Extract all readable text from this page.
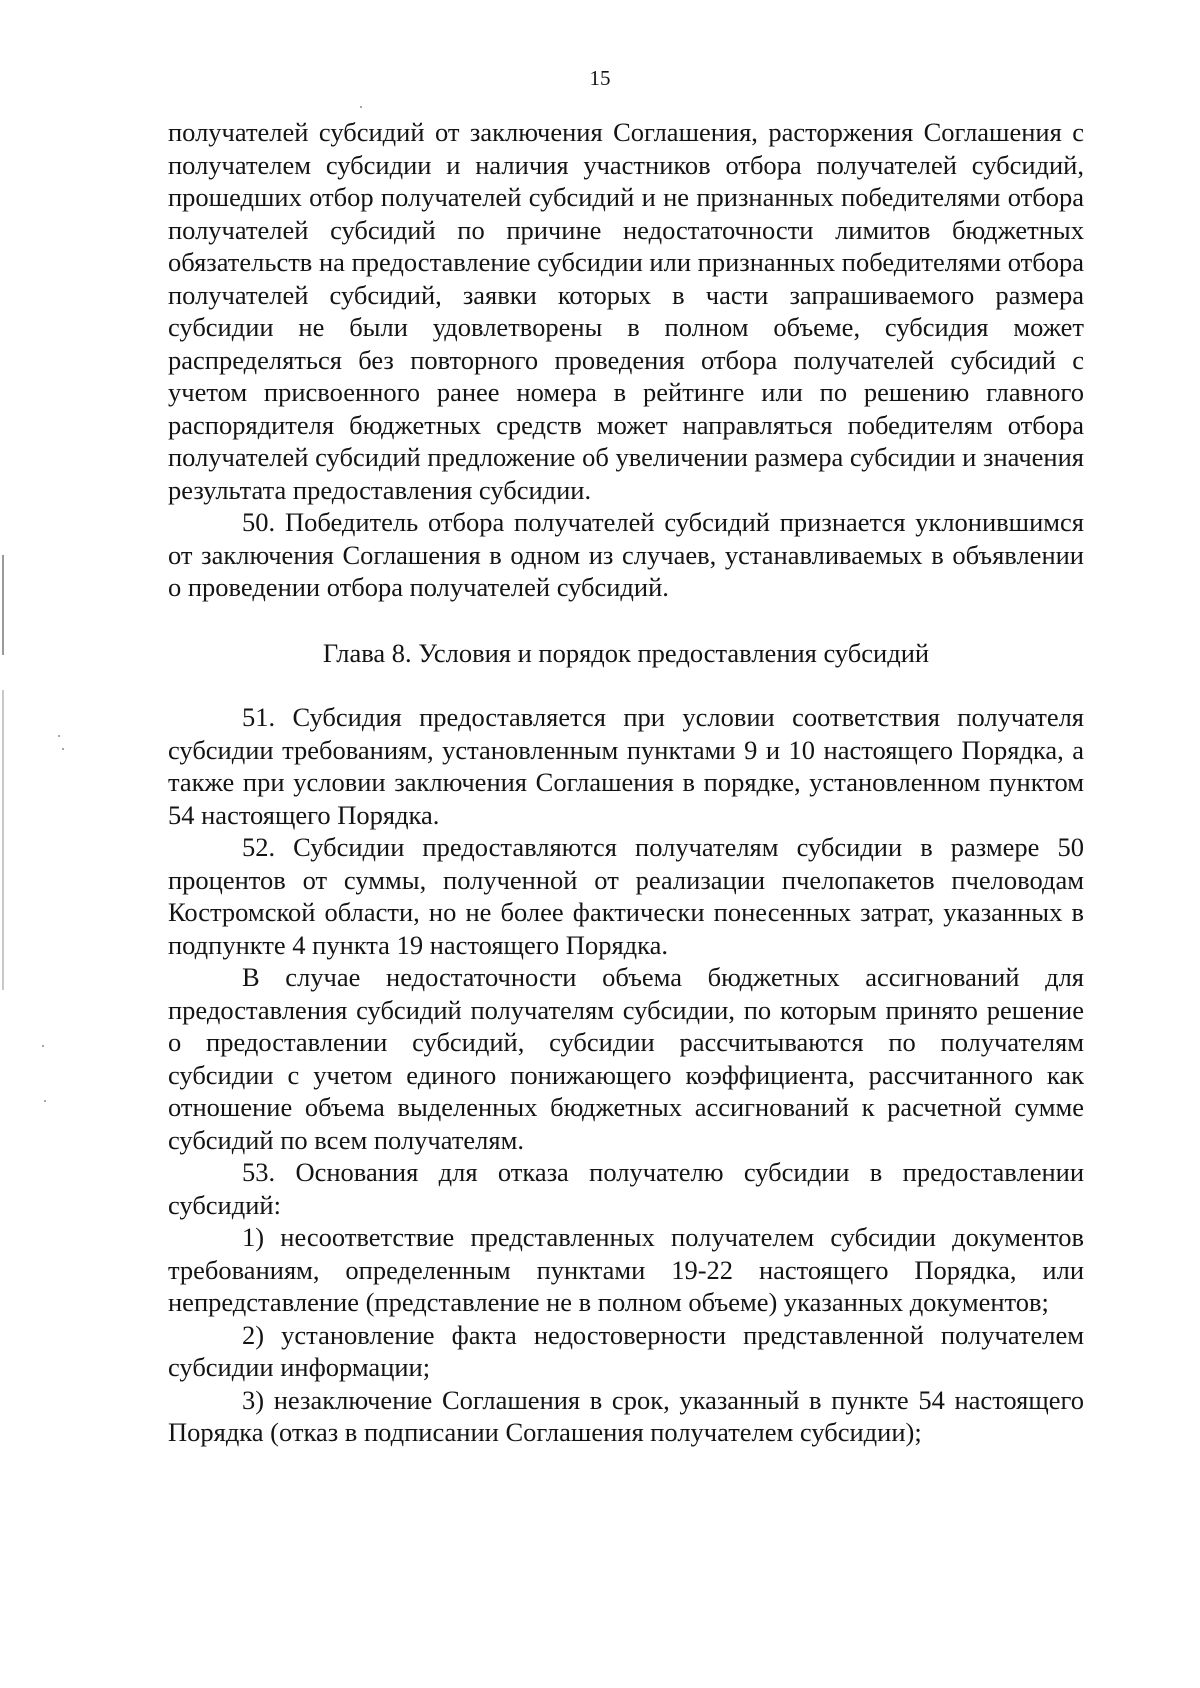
15

получателей субсидий от заключения Соглашения, расторжения Соглашения с получателем субсидии и наличия участников отбора получателей субсидий, прошедших отбор получателей субсидий и не признанных победителями отбора получателей субсидий по причине недостаточности лимитов бюджетных обязательств на предоставление субсидии или признанных победителями отбора получателей субсидий, заявки которых в части запрашиваемого размера субсидии не были удовлетворены в полном объеме, субсидия может распределяться без повторного проведения отбора получателей субсидий с учетом присвоенного ранее номера в рейтинге или по решению главного распорядителя бюджетных средств может направляться победителям отбора получателей субсидий предложение об увеличении размера субсидии и значения результата предоставления субсидии.

50. Победитель отбора получателей субсидий признается уклонившимся от заключения Соглашения в одном из случаев, устанавливаемых в объявлении о проведении отбора получателей субсидий.

Глава 8. Условия и порядок предоставления субсидий

51. Субсидия предоставляется при условии соответствия получателя субсидии требованиям, установленным пунктами 9 и 10 настоящего Порядка, а также при условии заключения Соглашения в порядке, установленном пунктом 54 настоящего Порядка.

52. Субсидии предоставляются получателям субсидии в размере 50 процентов от суммы, полученной от реализации пчелопакетов пчеловодам Костромской области, но не более фактически понесенных затрат, указанных в подпункте 4 пункта 19 настоящего Порядка.

В случае недостаточности объема бюджетных ассигнований для предоставления субсидий получателям субсидии, по которым принято решение о предоставлении субсидий, субсидии рассчитываются по получателям субсидии с учетом единого понижающего коэффициента, рассчитанного как отношение объема выделенных бюджетных ассигнований к расчетной сумме субсидий по всем получателям.

53. Основания для отказа получателю субсидии в предоставлении субсидий:

1) несоответствие представленных получателем субсидии документов требованиям, определенным пунктами 19-22 настоящего Порядка, или непредставление (представление не в полном объеме) указанных документов;

2) установление факта недостоверности представленной получателем субсидии информации;

3) незаключение Соглашения в срок, указанный в пункте 54 настоящего Порядка (отказ в подписании Соглашения получателем субсидии);
